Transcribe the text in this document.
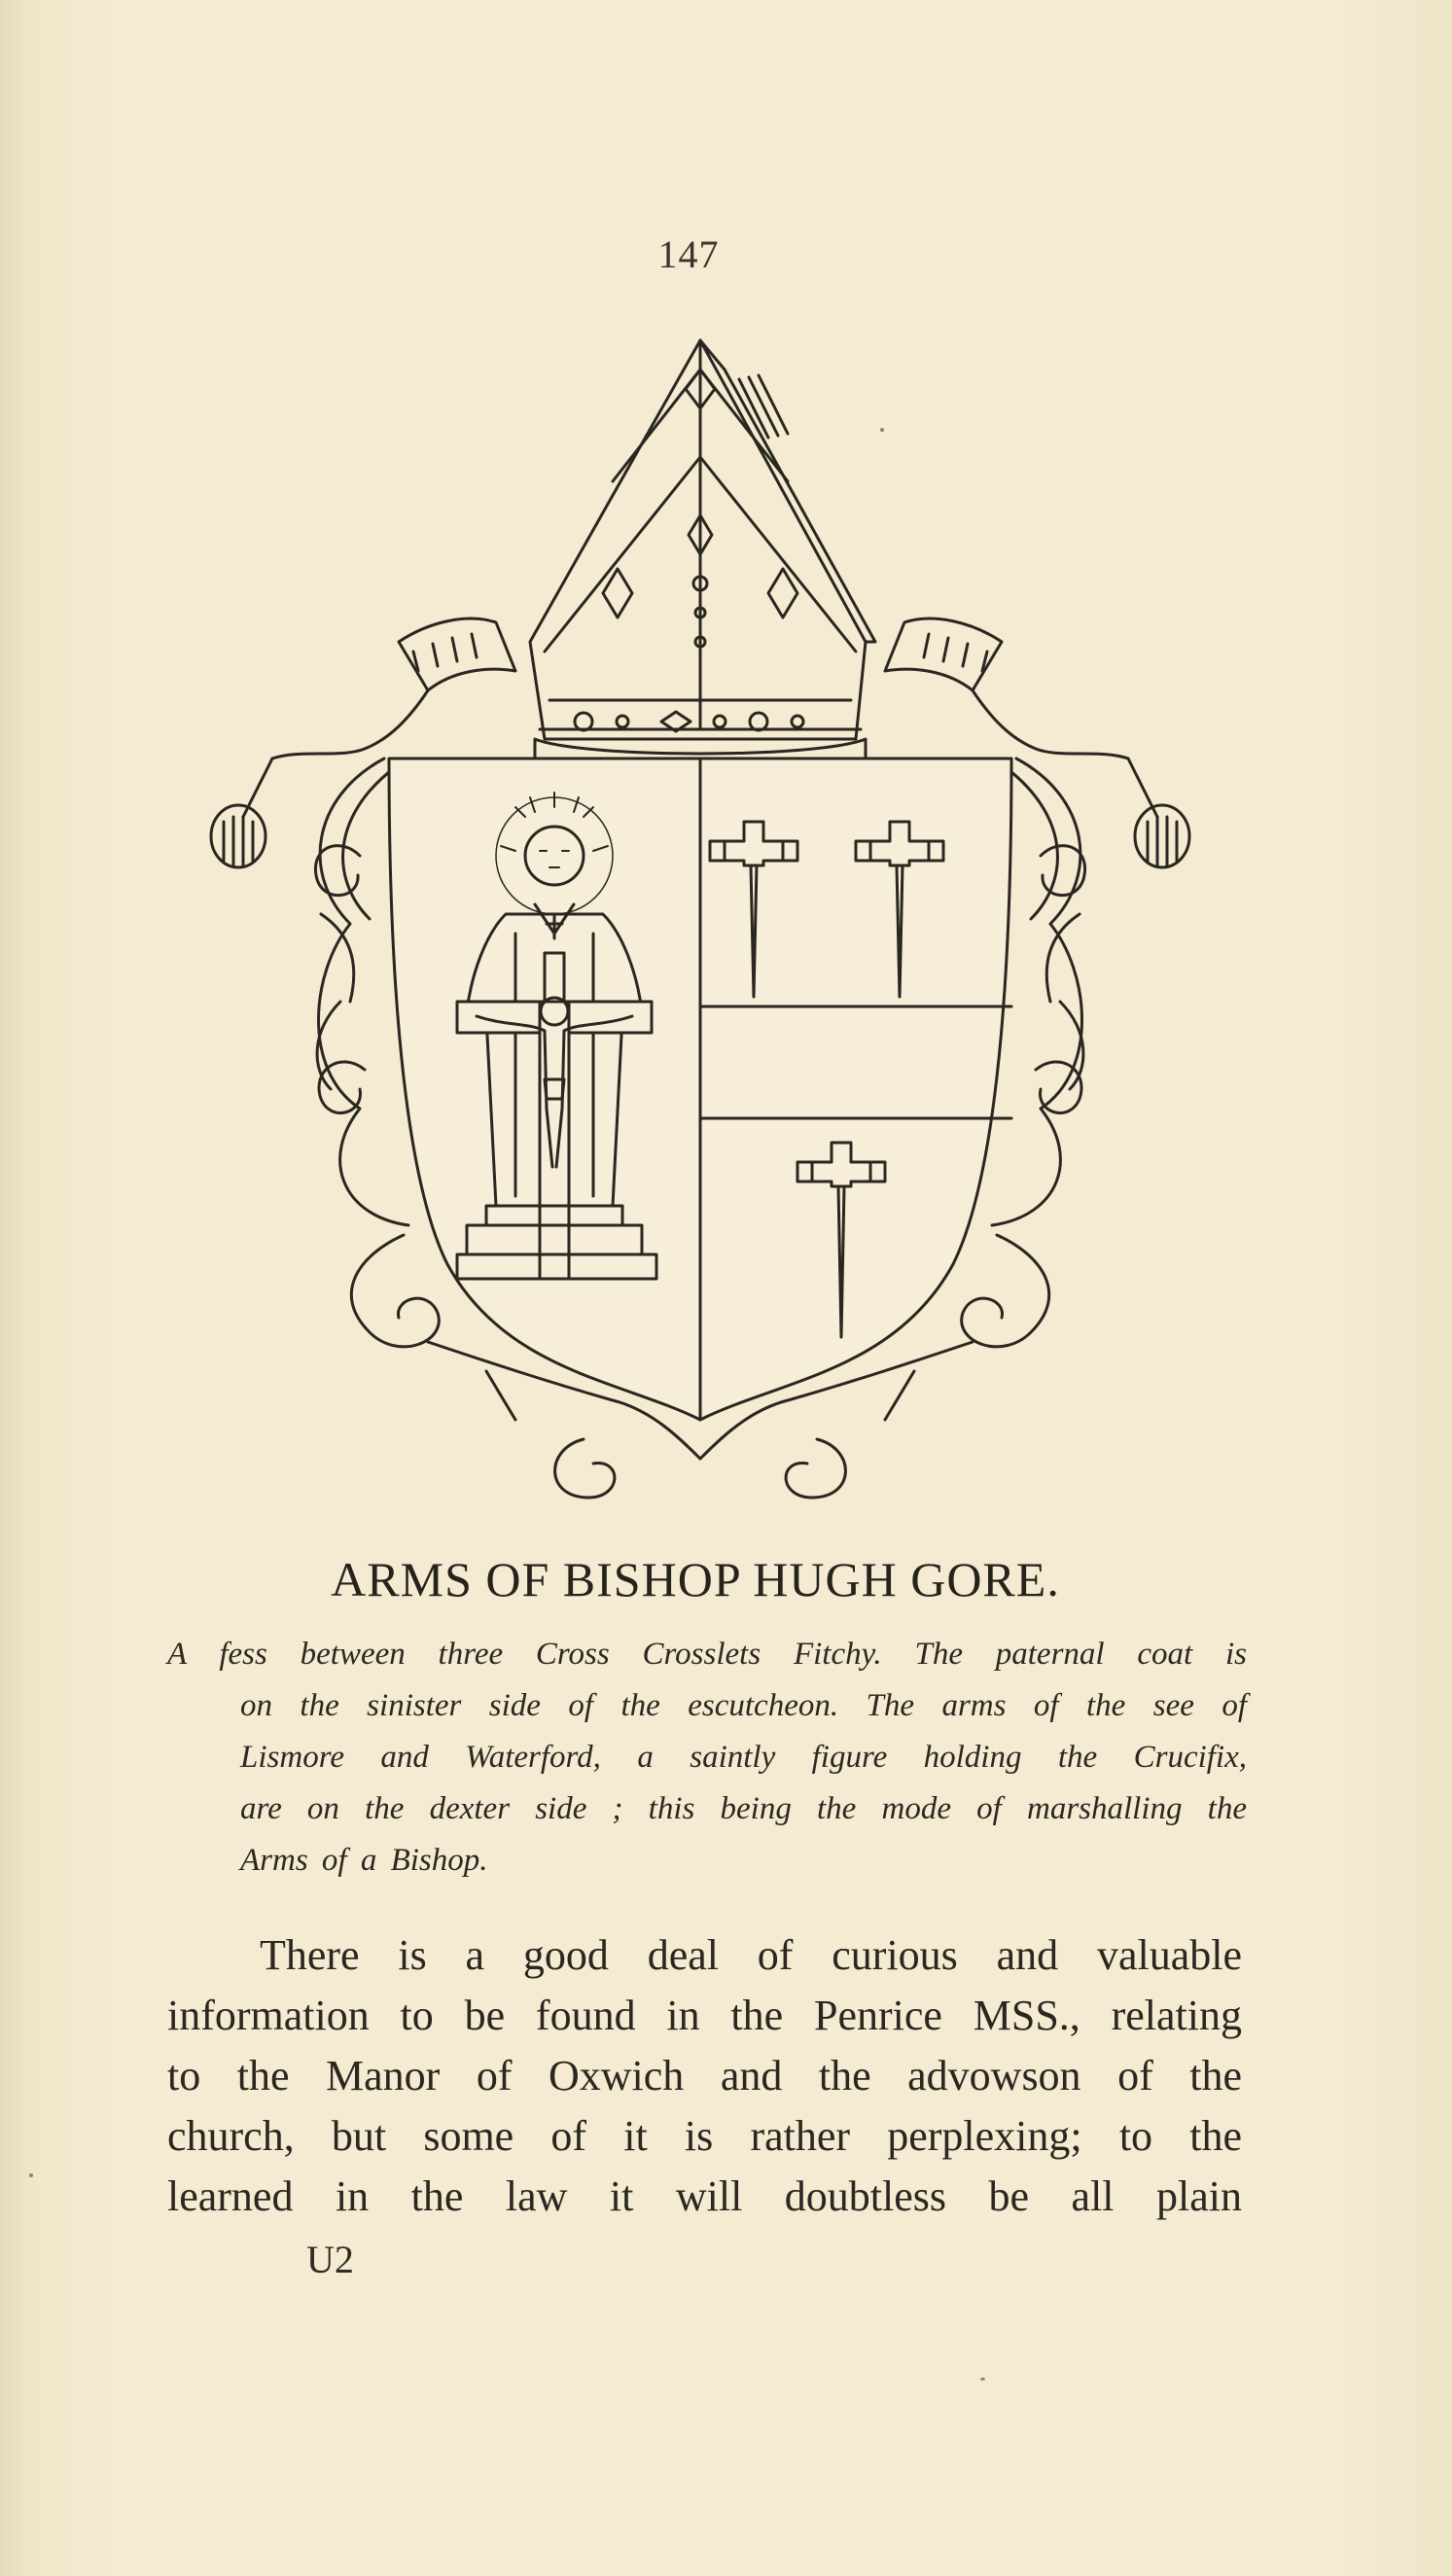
147
ARMS OF BISHOP HUGH GORE.
A fess between three Cross Crosslets Fitchy. The paternal coat is
on the sinister side of the escutcheon. The arms of the see of
Lismore and Waterford, a saintly figure holding the Crucifix,
are on the dexter side ; this being the mode of marshalling the
Arms of a Bishop.
There is a good deal of curious and valuable
information to be found in the Penrice MSS., relating
to the Manor of Oxwich and the advowson of the
church, but some of it is rather perplexing; to the
learned in the law it will doubtless be all plain
U2
